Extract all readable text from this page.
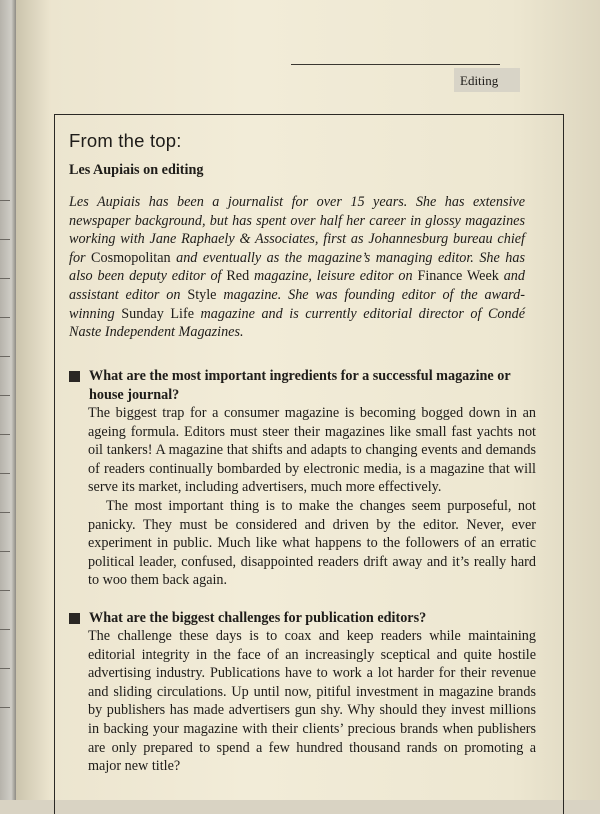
Editing
From the top:
Les Aupiais on editing

Les Aupiais has been a journalist for over 15 years. She has extensive newspaper background, but has spent over half her career in glossy magazines working with Jane Raphaely & Associates, first as Johannesburg bureau chief for Cosmopolitan and eventually as the magazine’s managing editor. She has also been deputy editor of Red magazine, leisure editor on Finance Week and assistant editor on Style magazine. She was founding editor of the award-winning Sunday Life magazine and is currently editorial director of Condé Naste Independent Magazines.

What are the most important ingredients for a successful magazine or house journal?

The biggest trap for a consumer magazine is becoming bogged down in an ageing formula. Editors must steer their magazines like small fast yachts not oil tankers! A magazine that shifts and adapts to changing events and demands of readers continually bombarded by electronic media, is a magazine that will serve its market, including advertisers, much more effectively.

The most important thing is to make the changes seem purposeful, not panicky. They must be considered and driven by the editor. Never, ever experiment in public. Much like what happens to the followers of an erratic political leader, confused, disappointed readers drift away and it’s really hard to woo them back again.

What are the biggest challenges for publication editors?

The challenge these days is to coax and keep readers while maintaining editorial integrity in the face of an increasingly sceptical and quite hostile advertising industry. Publications have to work a lot harder for their revenue and sliding circulations. Up until now, pitiful investment in magazine brands by publishers has made advertisers gun shy. Why should they invest millions in backing your magazine with their clients’ precious brands when publishers are only prepared to spend a few hundred thousand rands on promoting a major new title?
